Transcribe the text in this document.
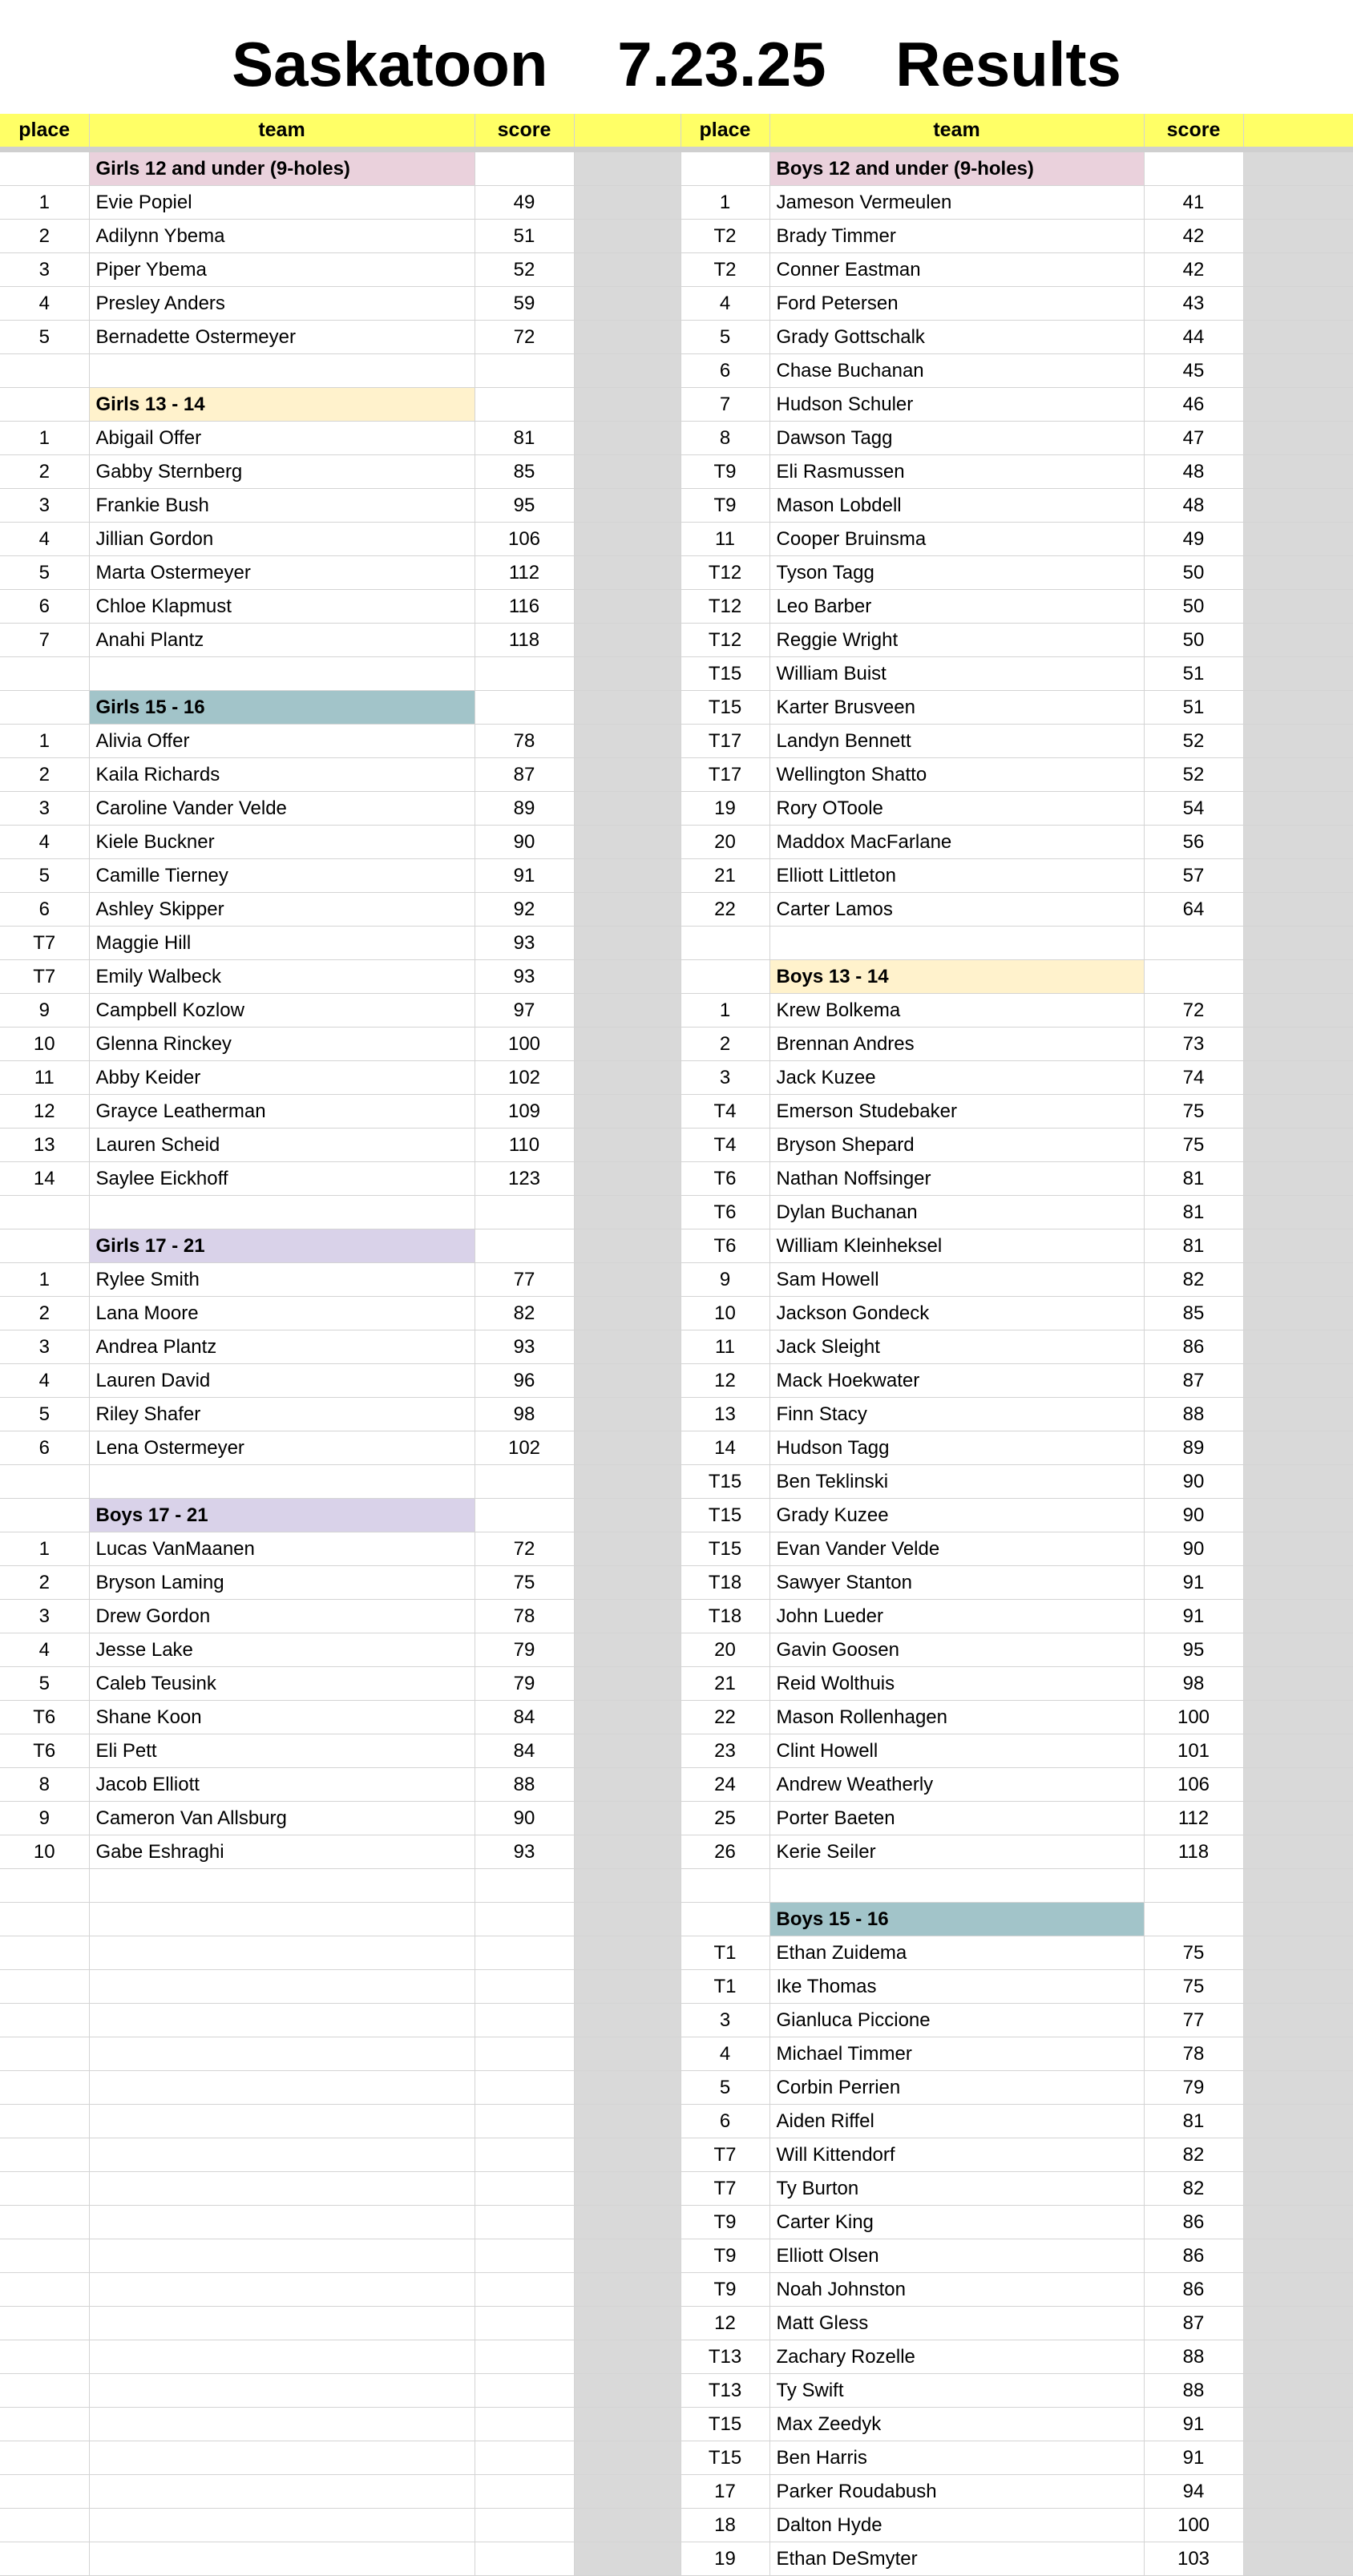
Saskatoon    7.23.25    Results
place	team	score		place	team	score	
	Girls 12 and under (9-holes)				Boys 12 and under (9-holes)		
1	Evie Popiel	49		1	Jameson Vermeulen	41	
2	Adilynn Ybema	51		T2	Brady Timmer	42	
3	Piper Ybema	52		T2	Conner Eastman	42	
4	Presley Anders	59		4	Ford Petersen	43	
5	Bernadette Ostermeyer	72		5	Grady Gottschalk	44	
				6	Chase Buchanan	45	
	Girls 13 - 14			7	Hudson Schuler	46	
1	Abigail Offer	81		8	Dawson Tagg	47	
2	Gabby Sternberg	85		T9	Eli Rasmussen	48	
3	Frankie Bush	95		T9	Mason Lobdell	48	
4	Jillian Gordon	106		11	Cooper Bruinsma	49	
5	Marta Ostermeyer	112		T12	Tyson Tagg	50	
6	Chloe Klapmust	116		T12	Leo Barber	50	
7	Anahi Plantz	118		T12	Reggie Wright	50	
				T15	William Buist	51	
	Girls 15 - 16			T15	Karter Brusveen	51	
1	Alivia Offer	78		T17	Landyn Bennett	52	
2	Kaila Richards	87		T17	Wellington Shatto	52	
3	Caroline Vander Velde	89		19	Rory OToole	54	
4	Kiele Buckner	90		20	Maddox MacFarlane	56	
5	Camille Tierney	91		21	Elliott Littleton	57	
6	Ashley Skipper	92		22	Carter Lamos	64	
T7	Maggie Hill	93					
T7	Emily Walbeck	93			Boys 13 - 14		
9	Campbell Kozlow	97		1	Krew Bolkema	72	
10	Glenna Rinckey	100		2	Brennan Andres	73	
11	Abby Keider	102		3	Jack Kuzee	74	
12	Grayce Leatherman	109		T4	Emerson Studebaker	75	
13	Lauren Scheid	110		T4	Bryson Shepard	75	
14	Saylee Eickhoff	123		T6	Nathan Noffsinger	81	
				T6	Dylan Buchanan	81	
	Girls 17 - 21			T6	William Kleinheksel	81	
1	Rylee Smith	77		9	Sam Howell	82	
2	Lana Moore	82		10	Jackson Gondeck	85	
3	Andrea Plantz	93		11	Jack Sleight	86	
4	Lauren David	96		12	Mack Hoekwater	87	
5	Riley Shafer	98		13	Finn Stacy	88	
6	Lena Ostermeyer	102		14	Hudson Tagg	89	
				T15	Ben Teklinski	90	
	Boys 17 - 21			T15	Grady Kuzee	90	
1	Lucas VanMaanen	72		T15	Evan Vander Velde	90	
2	Bryson Laming	75		T18	Sawyer Stanton	91	
3	Drew Gordon	78		T18	John Lueder	91	
4	Jesse Lake	79		20	Gavin Goosen	95	
5	Caleb Teusink	79		21	Reid Wolthuis	98	
T6	Shane Koon	84		22	Mason Rollenhagen	100	
T6	Eli Pett	84		23	Clint Howell	101	
8	Jacob Elliott	88		24	Andrew Weatherly	106	
9	Cameron Van Allsburg	90		25	Porter Baeten	112	
10	Gabe Eshraghi	93		26	Kerie Seiler	118	

					Boys 15 - 16		
				T1	Ethan Zuidema	75	
				T1	Ike Thomas	75	
				3	Gianluca Piccione	77	
				4	Michael Timmer	78	
				5	Corbin Perrien	79	
				6	Aiden Riffel	81	
				T7	Will Kittendorf	82	
				T7	Ty Burton	82	
				T9	Carter King	86	
				T9	Elliott Olsen	86	
				T9	Noah Johnston	86	
				12	Matt Gless	87	
				T13	Zachary Rozelle	88	
				T13	Ty Swift	88	
				T15	Max Zeedyk	91	
				T15	Ben Harris	91	
				17	Parker Roudabush	94	
				18	Dalton Hyde	100	
				19	Ethan DeSmyter	103	
